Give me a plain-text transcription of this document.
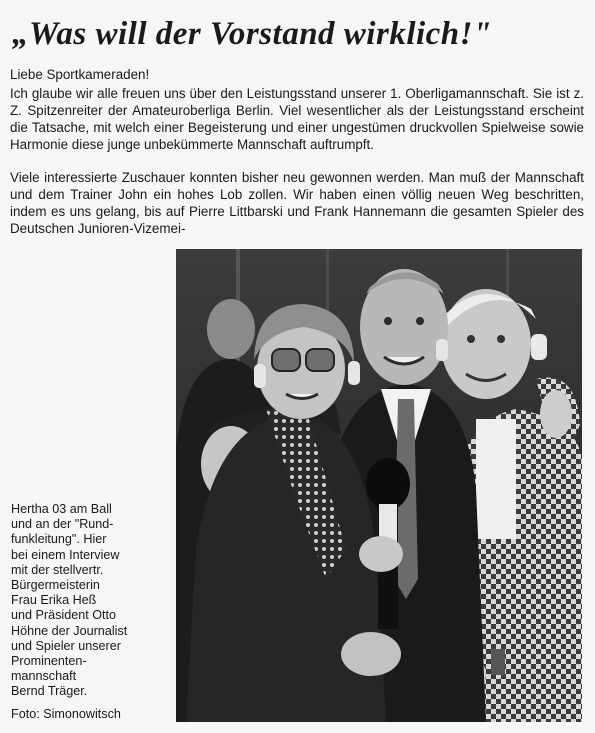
„Was will der Vorstand wirklich!"
Liebe Sportkameraden!

Ich glaube wir alle freuen uns über den Leistungsstand unserer 1. Oberligamannschaft. Sie ist z. Z. Spitzenreiter der Amateuroberliga Berlin. Viel wesentlicher als der Leistungsstand erscheint die Tatsache, mit welch einer Begeisterung und einer ungestümen druckvollen Spielweise sowie Harmonie diese junge unbekümmerte Mannschaft auftrumpft.

Viele interessierte Zuschauer konnten bisher neu gewonnen werden. Man muß der Mannschaft und dem Trainer John ein hohes Lob zollen. Wir haben einen völlig neuen Weg beschritten, indem es uns gelang, bis auf Pierre Littbarski und Frank Hannemann die gesamten Spieler des Deutschen Junioren-Vizemei-

Hertha 03 am Ball
und an der "Rund-
funkleitung". Hier
bei einem Interview
mit der stellvertr.
Bürgermeisterin
Frau Erika Heß
und Präsident Otto
Höhne der Journalist
und Spieler unserer
Prominenten-
mannschaft
Bernd Träger.
Foto: Simonowitsch
